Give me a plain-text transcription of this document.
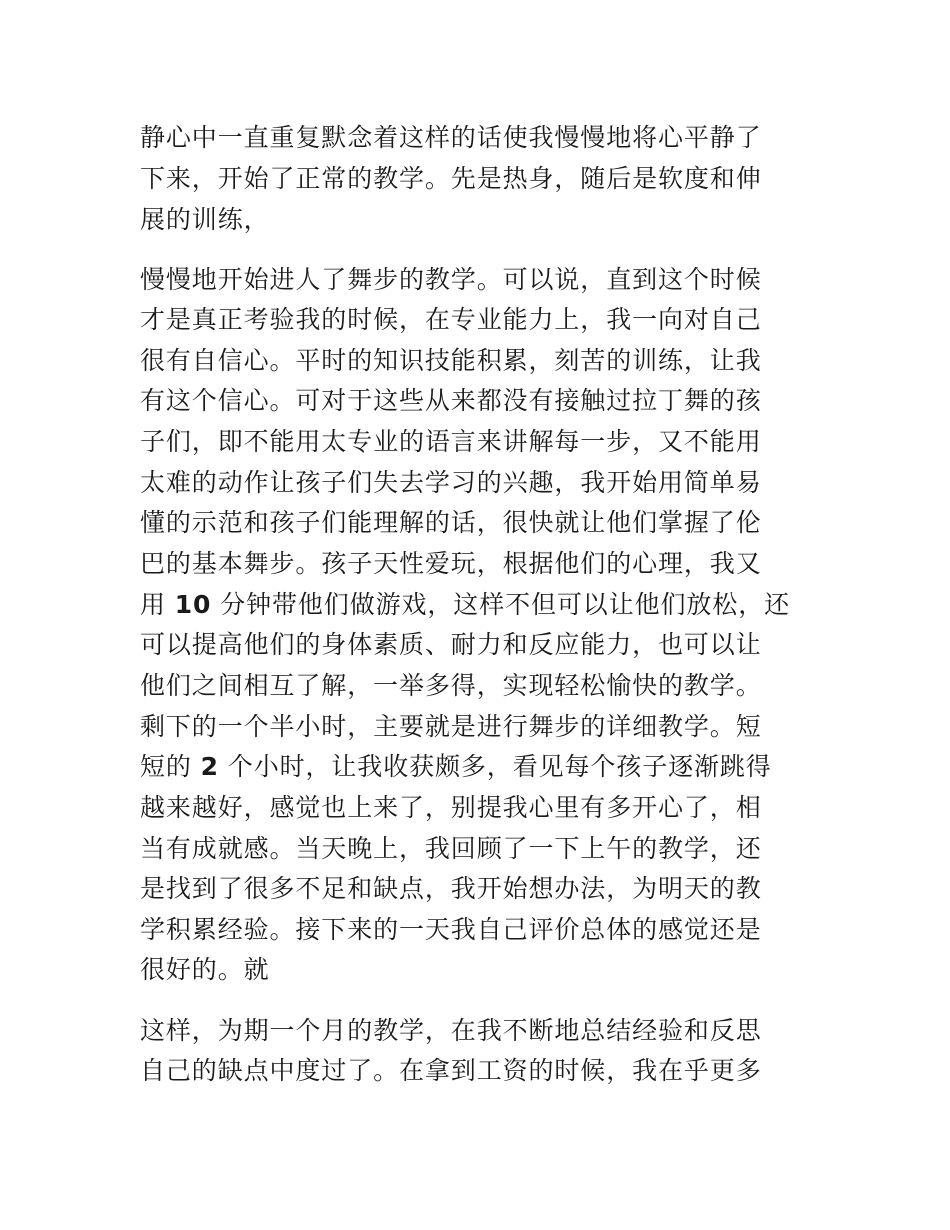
静心中一直重复默念着这样的话使我慢慢地将心平静了
下来，开始了正常的教学。先是热身，随后是软度和伸
展的训练，
慢慢地开始进人了舞步的教学。可以说，直到这个时候
才是真正考验我的时候，在专业能力上，我一向对自己
很有自信心。平时的知识技能积累，刻苦的训练，让我
有这个信心。可对于这些从来都没有接触过拉丁舞的孩
子们，即不能用太专业的语言来讲解每一步，又不能用
太难的动作让孩子们失去学习的兴趣，我开始用简单易
懂的示范和孩子们能理解的话，很快就让他们掌握了伦
巴的基本舞步。孩子天性爱玩，根据他们的心理，我又
用 10 分钟带他们做游戏，这样不但可以让他们放松，还
可以提高他们的身体素质、耐力和反应能力，也可以让
他们之间相互了解，一举多得，实现轻松愉快的教学。
剩下的一个半小时，主要就是进行舞步的详细教学。短
短的 2 个小时，让我收获颇多，看见每个孩子逐渐跳得
越来越好，感觉也上来了，别提我心里有多开心了，相
当有成就感。当天晚上，我回顾了一下上午的教学，还
是找到了很多不足和缺点，我开始想办法，为明天的教
学积累经验。接下来的一天我自己评价总体的感觉还是
很好的。就
这样，为期一个月的教学，在我不断地总结经验和反思
自己的缺点中度过了。在拿到工资的时候，我在乎更多
